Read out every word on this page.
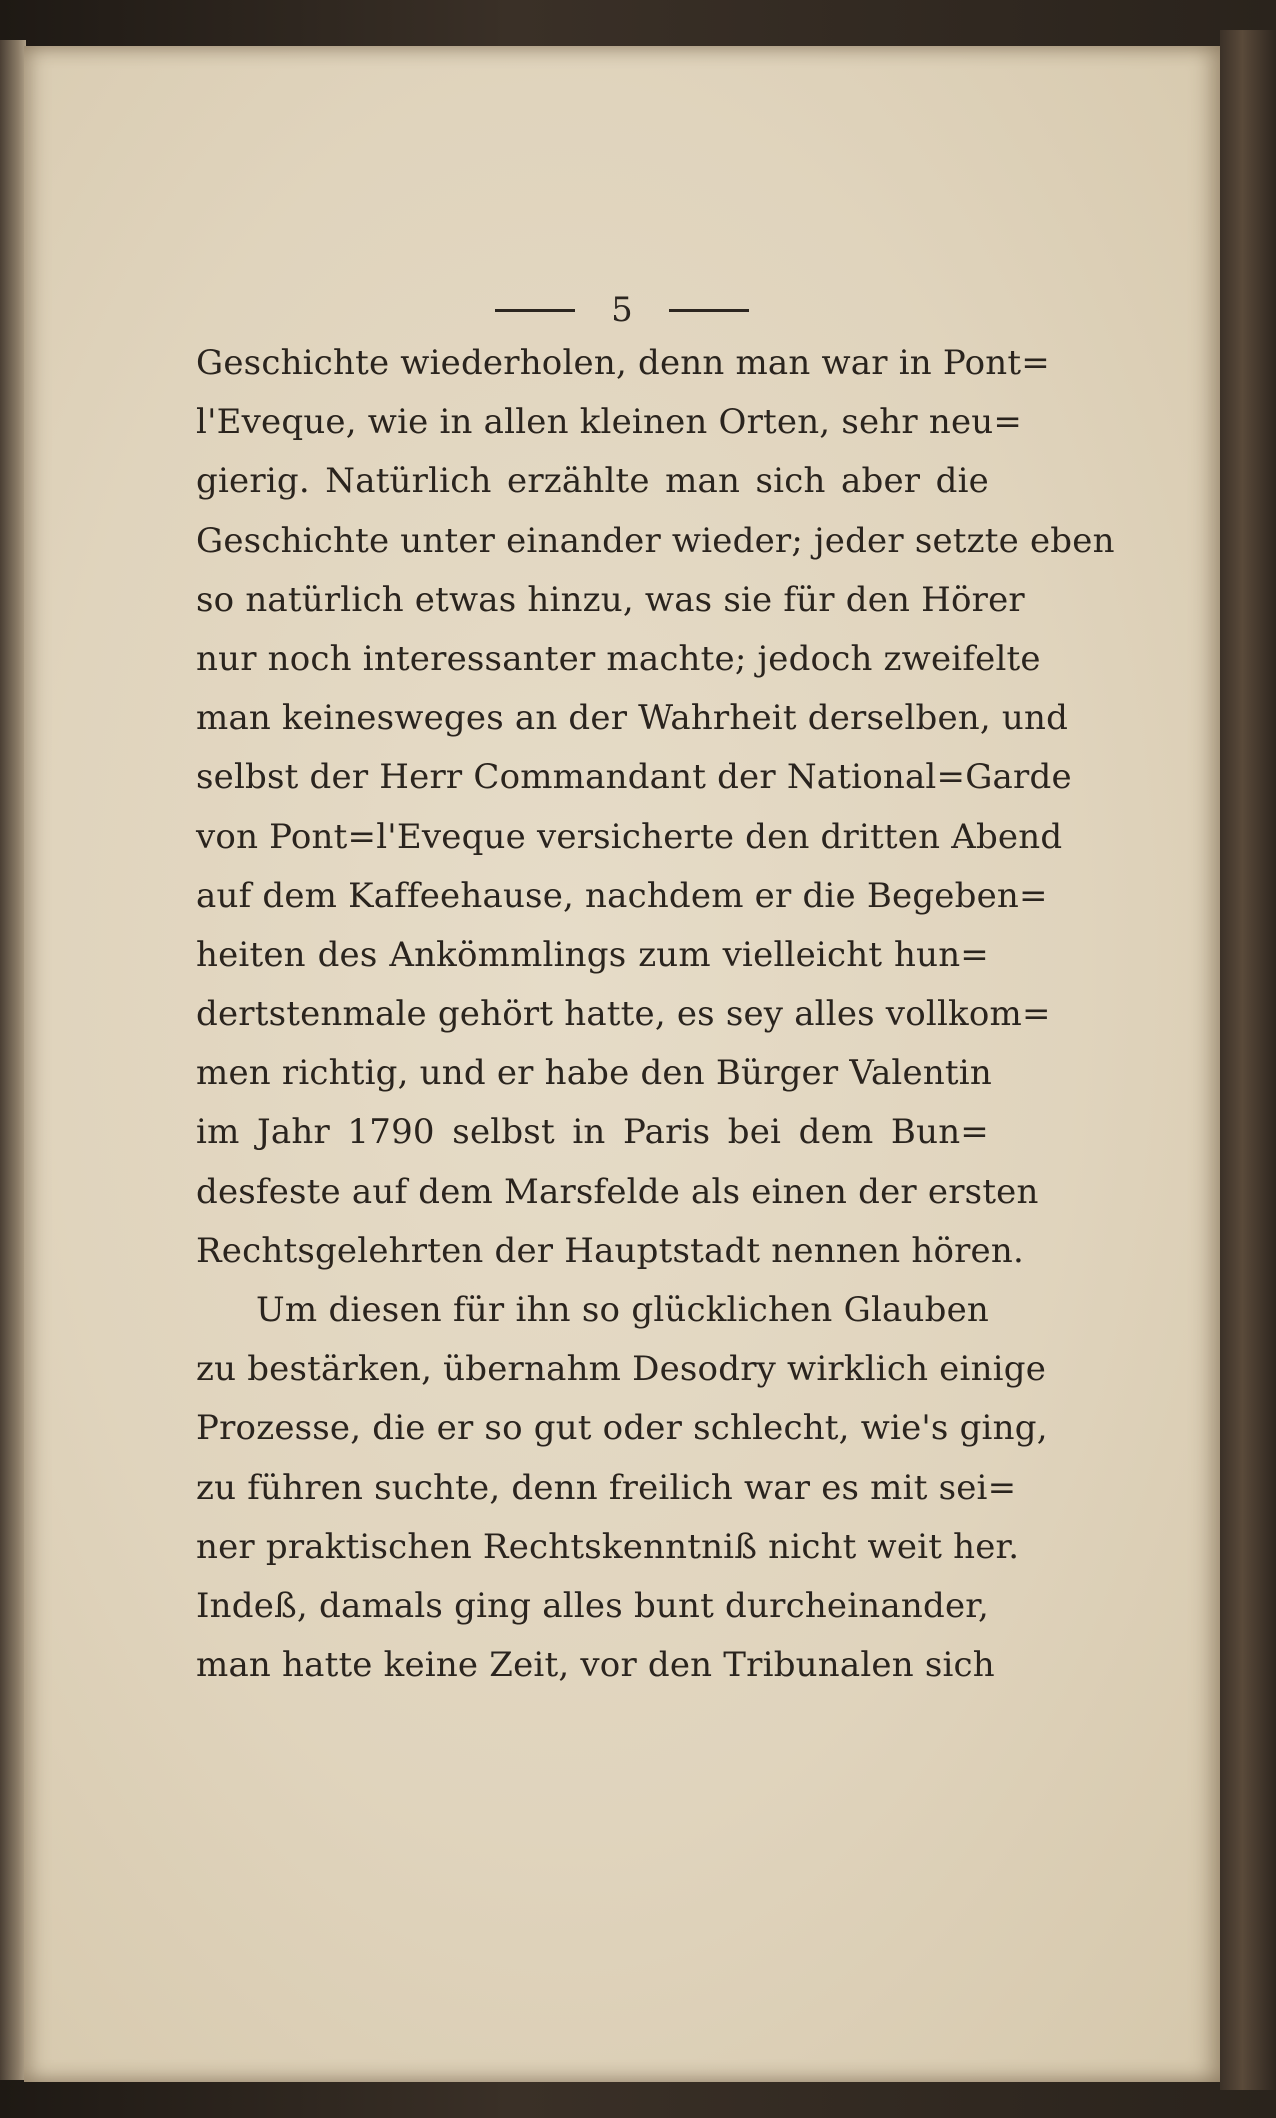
5
Geschichte wiederholen, denn man war in Pont=
l'Eveque, wie in allen kleinen Orten, sehr neu=
gierig. Natürlich erzählte man sich aber die
Geschichte unter einander wieder; jeder setzte eben
so natürlich etwas hinzu, was sie für den Hörer
nur noch interessanter machte; jedoch zweifelte
man keinesweges an der Wahrheit derselben, und
selbst der Herr Commandant der National=Garde
von Pont=l'Eveque versicherte den dritten Abend
auf dem Kaffeehause, nachdem er die Begeben=
heiten des Ankömmlings zum vielleicht hun=
dertstenmale gehört hatte, es sey alles vollkom=
men richtig, und er habe den Bürger Valentin
im Jahr 1790 selbst in Paris bei dem Bun=
desfeste auf dem Marsfelde als einen der ersten
Rechtsgelehrten der Hauptstadt nennen hören.
Um diesen für ihn so glücklichen Glauben
zu bestärken, übernahm Desodry wirklich einige
Prozesse, die er so gut oder schlecht, wie's ging,
zu führen suchte, denn freilich war es mit sei=
ner praktischen Rechtskenntniß nicht weit her.
Indeß, damals ging alles bunt durcheinander,
man hatte keine Zeit, vor den Tribunalen sich
